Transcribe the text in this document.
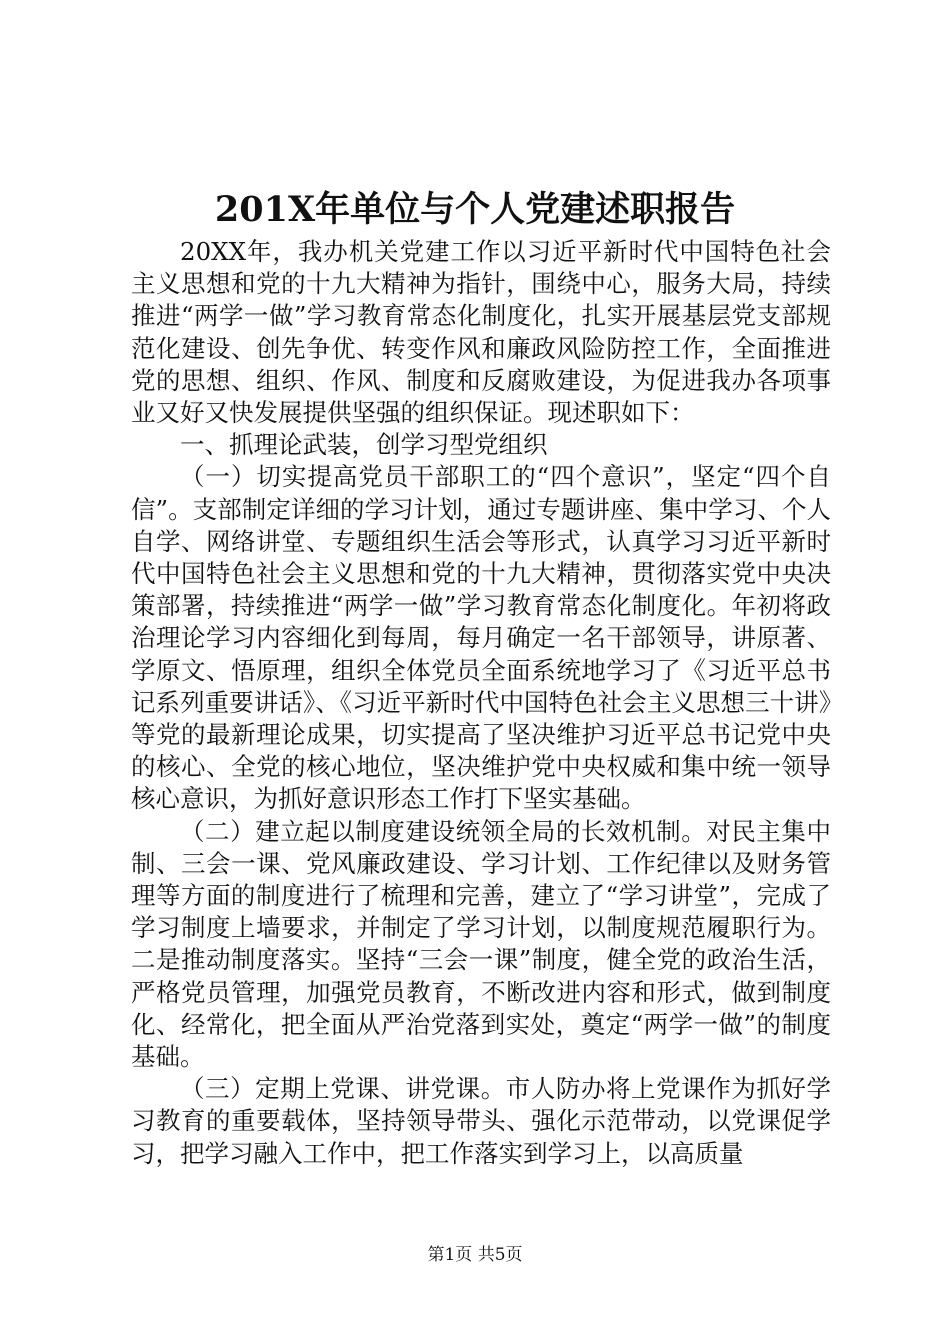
201X年单位与个人党建述职报告

20XX年，我办机关党建工作以习近平新时代中国特色社会主义思想和党的十九大精神为指针，围绕中心，服务大局，持续推进“两学一做”学习教育常态化制度化，扎实开展基层党支部规范化建设、创先争优、转变作风和廉政风险防控工作，全面推进党的思想、组织、作风、制度和反腐败建设，为促进我办各项事业又好又快发展提供坚强的组织保证。现述职如下：

一、抓理论武装，创学习型党组织

（一）切实提高党员干部职工的“四个意识”，坚定“四个自信”。支部制定详细的学习计划，通过专题讲座、集中学习、个人自学、网络讲堂、专题组织生活会等形式，认真学习习近平新时代中国特色社会主义思想和党的十九大精神，贯彻落实党中央决策部署，持续推进“两学一做”学习教育常态化制度化。年初将政治理论学习内容细化到每周，每月确定一名干部领导，讲原著、学原文、悟原理，组织全体党员全面系统地学习了《习近平总书记系列重要讲话》、《习近平新时代中国特色社会主义思想三十讲》等党的最新理论成果，切实提高了坚决维护习近平总书记党中央的核心、全党的核心地位，坚决维护党中央权威和集中统一领导核心意识，为抓好意识形态工作打下坚实基础。

（二）建立起以制度建设统领全局的长效机制。对民主集中制、三会一课、党风廉政建设、学习计划、工作纪律以及财务管理等方面的制度进行了梳理和完善，建立了“学习讲堂”，完成了学习制度上墙要求，并制定了学习计划，以制度规范履职行为。二是推动制度落实。坚持“三会一课”制度，健全党的政治生活，严格党员管理，加强党员教育，不断改进内容和形式，做到制度化、经常化，把全面从严治党落到实处，奠定“两学一做”的制度基础。

（三）定期上党课、讲党课。市人防办将上党课作为抓好学习教育的重要载体，坚持领导带头、强化示范带动，以党课促学习，把学习融入工作中，把工作落实到学习上，以高质量

第1页 共5页
